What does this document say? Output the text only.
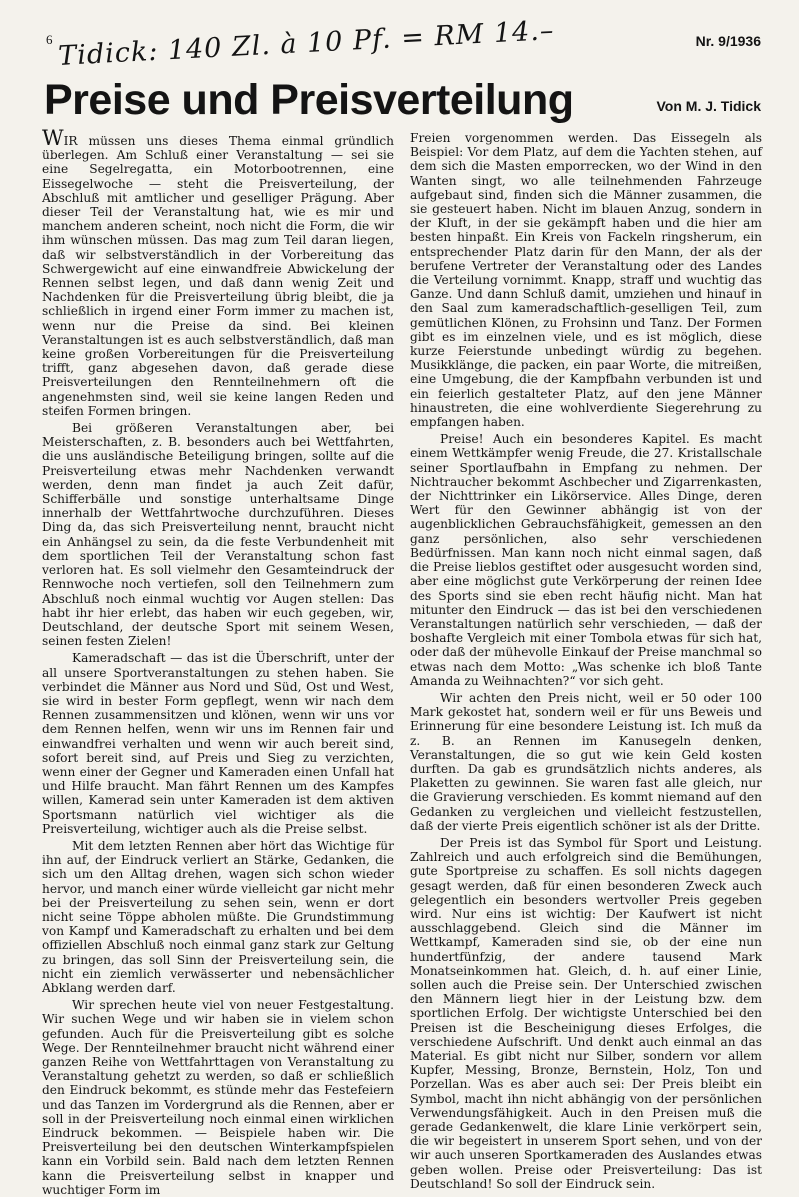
6 Tidick: 140 Zl. à 10 Pf. = RM 14.–	Nr. 9/1936
Preise und Preisverteilung	Von M. J. Tidick

WIR müssen uns dieses Thema einmal gründlich überlegen. Am Schluß einer Veranstaltung — sei sie eine Segelregatta, ein Motorbootrennen, eine Eissegelwoche — steht die Preisverteilung, der Abschluß mit amtlicher und geselliger Prägung. Aber dieser Teil der Veranstaltung hat, wie es mir und manchem anderen scheint, noch nicht die Form, die wir ihm wünschen müssen. Das mag zum Teil daran liegen, daß wir selbstverständlich in der Vorbereitung das Schwergewicht auf eine einwandfreie Abwickelung der Rennen selbst legen, und daß dann wenig Zeit und Nachdenken für die Preisverteilung übrig bleibt, die ja schließlich in irgend einer Form immer zu machen ist, wenn nur die Preise da sind. Bei kleinen Veranstaltungen ist es auch selbstverständlich, daß man keine großen Vorbereitungen für die Preisverteilung trifft, ganz abgesehen davon, daß gerade diese Preisverteilungen den Rennteilnehmern oft die angenehmsten sind, weil sie keine langen Reden und steifen Formen bringen.

Bei größeren Veranstaltungen aber, bei Meisterschaften, z. B. besonders auch bei Wettfahrten, die uns ausländische Beteiligung bringen, sollte auf die Preisverteilung etwas mehr Nachdenken verwandt werden, denn man findet ja auch Zeit dafür, Schifferbälle und sonstige unterhaltsame Dinge innerhalb der Wettfahrtwoche durchzuführen. Dieses Ding da, das sich Preisverteilung nennt, braucht nicht ein Anhängsel zu sein, da die feste Verbundenheit mit dem sportlichen Teil der Veranstaltung schon fast verloren hat. Es soll vielmehr den Gesamteindruck der Rennwoche noch vertiefen, soll den Teilnehmern zum Abschluß noch einmal wuchtig vor Augen stellen: Das habt ihr hier erlebt, das haben wir euch gegeben, wir, Deutschland, der deutsche Sport mit seinem Wesen, seinen festen Zielen!

Kameradschaft — das ist die Überschrift, unter der all unsere Sportveranstaltungen zu stehen haben. Sie verbindet die Männer aus Nord und Süd, Ost und West, sie wird in bester Form gepflegt, wenn wir nach dem Rennen zusammensitzen und klönen, wenn wir uns vor dem Rennen helfen, wenn wir uns im Rennen fair und einwandfrei verhalten und wenn wir auch bereit sind, sofort bereit sind, auf Preis und Sieg zu verzichten, wenn einer der Gegner und Kameraden einen Unfall hat und Hilfe braucht. Man fährt Rennen um des Kampfes willen, Kamerad sein unter Kameraden ist dem aktiven Sportsmann natürlich viel wichtiger als die Preisverteilung, wichtiger auch als die Preise selbst.

Mit dem letzten Rennen aber hört das Wichtige für ihn auf, der Eindruck verliert an Stärke, Gedanken, die sich um den Alltag drehen, wagen sich schon wieder hervor, und manch einer würde vielleicht gar nicht mehr bei der Preisverteilung zu sehen sein, wenn er dort nicht seine Töppe abholen müßte. Die Grundstimmung von Kampf und Kameradschaft zu erhalten und bei dem offiziellen Abschluß noch einmal ganz stark zur Geltung zu bringen, das soll Sinn der Preisverteilung sein, die nicht ein ziemlich verwässerter und nebensächlicher Abklang werden darf.

Wir sprechen heute viel von neuer Festgestaltung. Wir suchen Wege und wir haben sie in vielem schon gefunden. Auch für die Preisverteilung gibt es solche Wege. Der Rennteilnehmer braucht nicht während einer ganzen Reihe von Wettfahrttagen von Veranstaltung zu Veranstaltung gehetzt zu werden, so daß er schließlich den Eindruck bekommt, es stünde mehr das Festefeiern und das Tanzen im Vordergrund als die Rennen, aber er soll in der Preisverteilung noch einmal einen wirklichen Eindruck bekommen. — Beispiele haben wir. Die Preisverteilung bei den deutschen Winterkampfspielen kann ein Vorbild sein. Bald nach dem letzten Rennen kann die Preisverteilung selbst in knapper und wuchtiger Form im

Freien vorgenommen werden. Das Eissegeln als Beispiel: Vor dem Platz, auf dem die Yachten stehen, auf dem sich die Masten emporrecken, wo der Wind in den Wanten singt, wo alle teilnehmenden Fahrzeuge aufgebaut sind, finden sich die Männer zusammen, die sie gesteuert haben. Nicht im blauen Anzug, sondern in der Kluft, in der sie gekämpft haben und die hier am besten hinpaßt. Ein Kreis von Fackeln ringsherum, ein entsprechender Platz darin für den Mann, der als der berufene Vertreter der Veranstaltung oder des Landes die Verteilung vornimmt. Knapp, straff und wuchtig das Ganze. Und dann Schluß damit, umziehen und hinauf in den Saal zum kameradschaftlich-geselligen Teil, zum gemütlichen Klönen, zu Frohsinn und Tanz. Der Formen gibt es im einzelnen viele, und es ist möglich, diese kurze Feierstunde unbedingt würdig zu begehen. Musikklänge, die packen, ein paar Worte, die mitreißen, eine Umgebung, die der Kampfbahn verbunden ist und ein feierlich gestalteter Platz, auf den jene Männer hinaustreten, die eine wohlverdiente Siegerehrung zu empfangen haben.

Preise! Auch ein besonderes Kapitel. Es macht einem Wettkämpfer wenig Freude, die 27. Kristallschale seiner Sportlaufbahn in Empfang zu nehmen. Der Nichtraucher bekommt Aschbecher und Zigarrenkasten, der Nichttrinker ein Likörservice. Alles Dinge, deren Wert für den Gewinner abhängig ist von der augenblicklichen Gebrauchsfähigkeit, gemessen an den ganz persönlichen, also sehr verschiedenen Bedürfnissen. Man kann noch nicht einmal sagen, daß die Preise lieblos gestiftet oder ausgesucht worden sind, aber eine möglichst gute Verkörperung der reinen Idee des Sports sind sie eben recht häufig nicht. Man hat mitunter den Eindruck — das ist bei den verschiedenen Veranstaltungen natürlich sehr verschieden, — daß der boshafte Vergleich mit einer Tombola etwas für sich hat, oder daß der mühevolle Einkauf der Preise manchmal so etwas nach dem Motto: „Was schenke ich bloß Tante Amanda zu Weihnachten?“ vor sich geht.

Wir achten den Preis nicht, weil er 50 oder 100 Mark gekostet hat, sondern weil er für uns Beweis und Erinnerung für eine besondere Leistung ist. Ich muß da z. B. an Rennen im Kanusegeln denken, Veranstaltungen, die so gut wie kein Geld kosten durften. Da gab es grundsätzlich nichts anderes, als Plaketten zu gewinnen. Sie waren fast alle gleich, nur die Gravierung verschieden. Es kommt niemand auf den Gedanken zu vergleichen und vielleicht festzustellen, daß der vierte Preis eigentlich schöner ist als der Dritte.

Der Preis ist das Symbol für Sport und Leistung. Zahlreich und auch erfolgreich sind die Bemühungen, gute Sportpreise zu schaffen. Es soll nichts dagegen gesagt werden, daß für einen besonderen Zweck auch gelegentlich ein besonders wertvoller Preis gegeben wird. Nur eins ist wichtig: Der Kaufwert ist nicht ausschlaggebend. Gleich sind die Männer im Wettkampf, Kameraden sind sie, ob der eine nun hundertfünfzig, der andere tausend Mark Monatseinkommen hat. Gleich, d. h. auf einer Linie, sollen auch die Preise sein. Der Unterschied zwischen den Männern liegt hier in der Leistung bzw. dem sportlichen Erfolg. Der wichtigste Unterschied bei den Preisen ist die Bescheinigung dieses Erfolges, die verschiedene Aufschrift. Und denkt auch einmal an das Material. Es gibt nicht nur Silber, sondern vor allem Kupfer, Messing, Bronze, Bernstein, Holz, Ton und Porzellan. Was es aber auch sei: Der Preis bleibt ein Symbol, macht ihn nicht abhängig von der persönlichen Verwendungsfähigkeit. Auch in den Preisen muß die gerade Gedankenwelt, die klare Linie verkörpert sein, die wir begeistert in unserem Sport sehen, und von der wir auch unseren Sportkameraden des Auslandes etwas geben wollen. Preise oder Preisverteilung: Das ist Deutschland! So soll der Eindruck sein.
